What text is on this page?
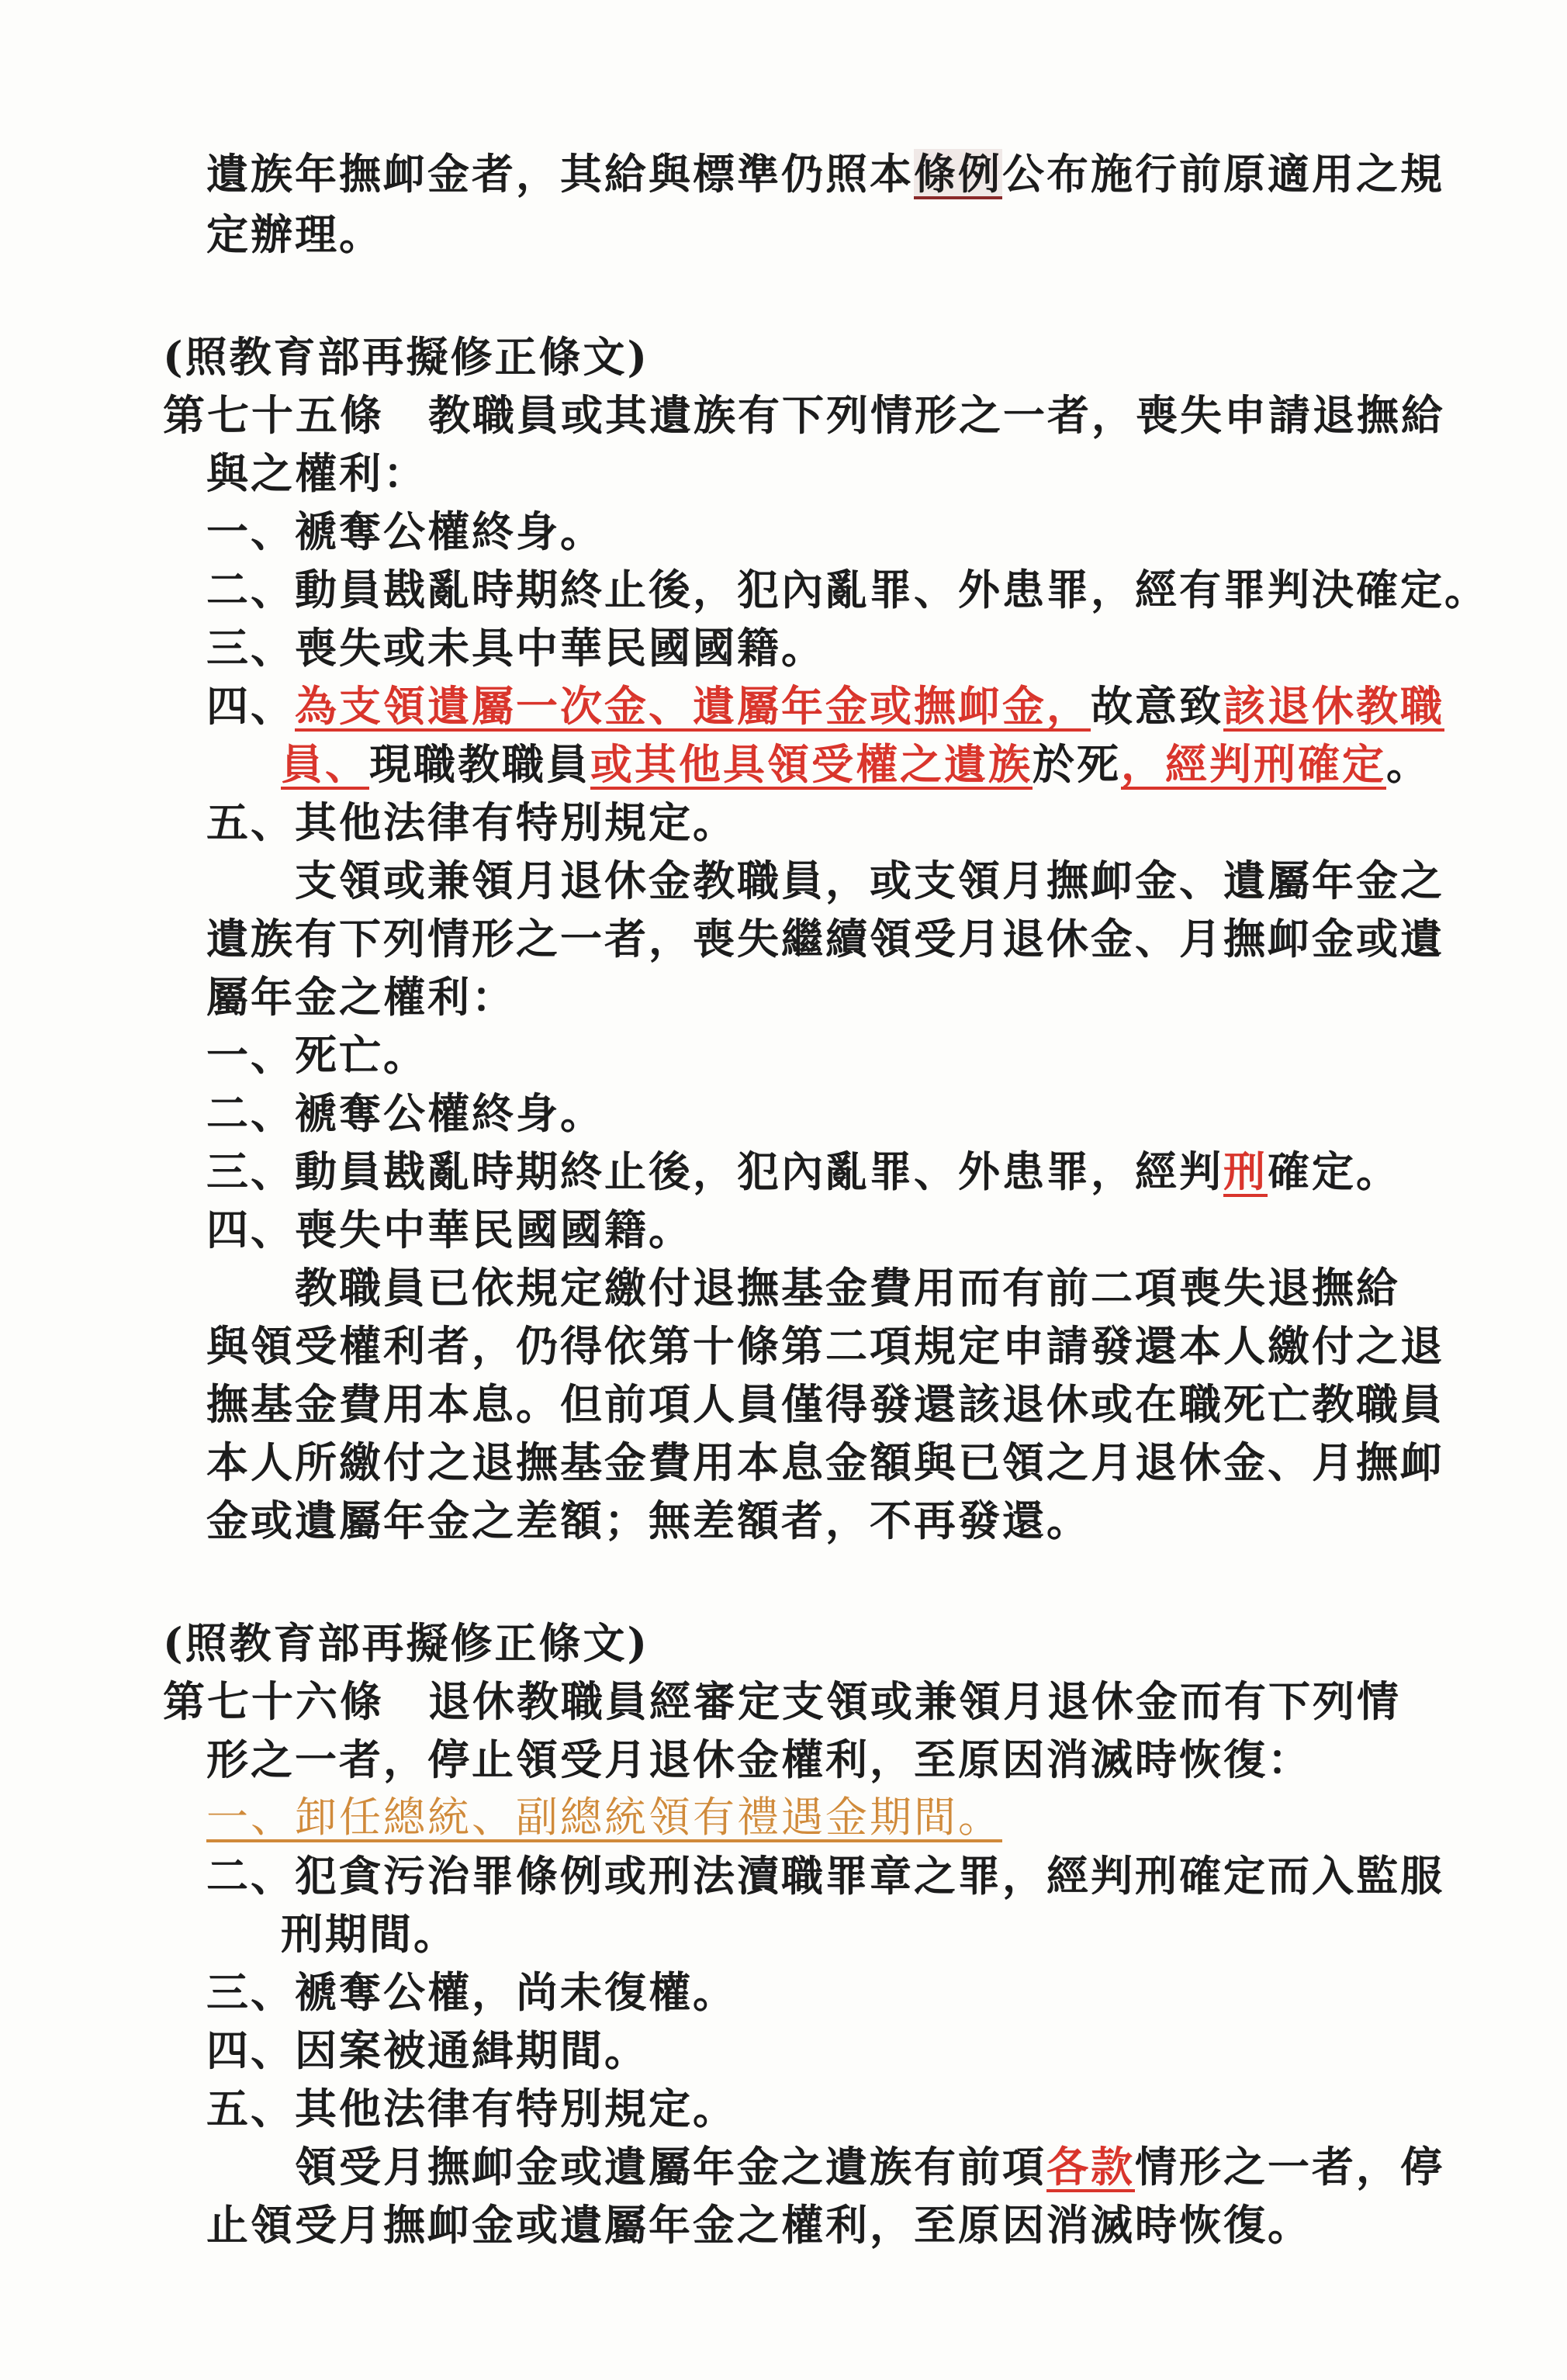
遺族年撫卹金者，其給與標準仍照本條例公布施行前原適用之規
定辦理。
(照教育部再擬修正條文)
第七十五條　教職員或其遺族有下列情形之一者，喪失申請退撫給
與之權利：
一、褫奪公權終身。
二、動員戡亂時期終止後，犯內亂罪、外患罪，經有罪判決確定。
三、喪失或未具中華民國國籍。
四、為支領遺屬一次金、遺屬年金或撫卹金，故意致該退休教職
員、現職教職員或其他具領受權之遺族於死，經判刑確定。
五、其他法律有特別規定。
　　支領或兼領月退休金教職員，或支領月撫卹金、遺屬年金之
遺族有下列情形之一者，喪失繼續領受月退休金、月撫卹金或遺
屬年金之權利：
一、死亡。
二、褫奪公權終身。
三、動員戡亂時期終止後，犯內亂罪、外患罪，經判刑確定。
四、喪失中華民國國籍。
　　教職員已依規定繳付退撫基金費用而有前二項喪失退撫給
與領受權利者，仍得依第十條第二項規定申請發還本人繳付之退
撫基金費用本息。但前項人員僅得發還該退休或在職死亡教職員
本人所繳付之退撫基金費用本息金額與已領之月退休金、月撫卹
金或遺屬年金之差額；無差額者，不再發還。
(照教育部再擬修正條文)
第七十六條　退休教職員經審定支領或兼領月退休金而有下列情
形之一者，停止領受月退休金權利，至原因消滅時恢復：
一、卸任總統、副總統領有禮遇金期間。
二、犯貪污治罪條例或刑法瀆職罪章之罪，經判刑確定而入監服
刑期間。
三、褫奪公權，尚未復權。
四、因案被通緝期間。
五、其他法律有特別規定。
　　領受月撫卹金或遺屬年金之遺族有前項各款情形之一者，停
止領受月撫卹金或遺屬年金之權利，至原因消滅時恢復。
